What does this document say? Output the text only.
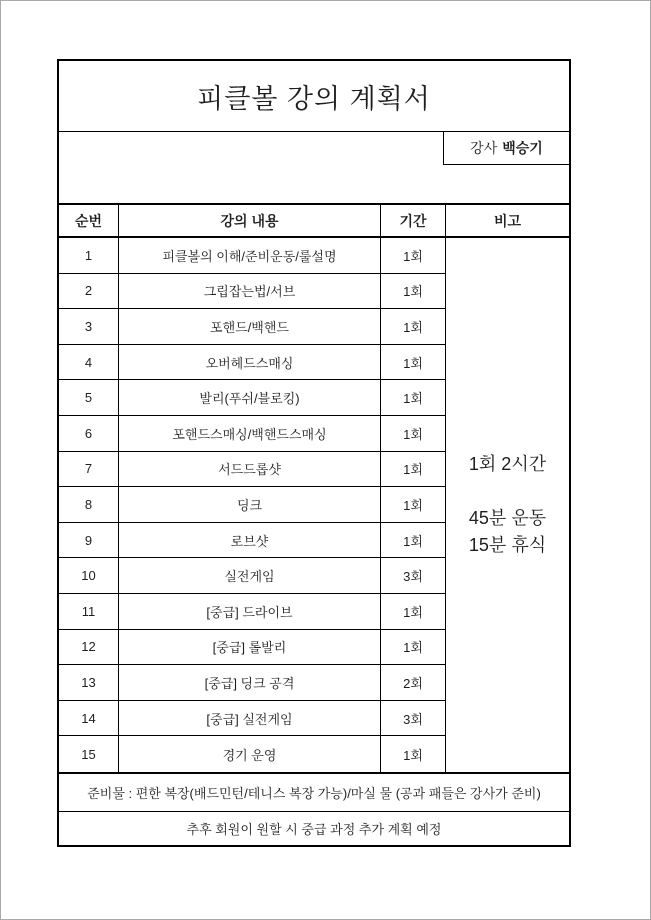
피클볼 강의 계획서
강사 백승기
순번	강의 내용	기간	비고
1회 2시간

45분 운동
15분 휴식
1	피클볼의 이해/준비운동/룰설명	1회
2	그립잡는법/서브	1회
3	포핸드/백핸드	1회
4	오버헤드스매싱	1회
5	발리(푸쉬/블로킹)	1회
6	포핸드스매싱/백핸드스매싱	1회
7	서드드롭샷	1회
8	딩크	1회
9	로브샷	1회
10	실전게임	3회
11	[중급] 드라이브	1회
12	[중급] 롤발리	1회
13	[중급] 딩크 공격	2회
14	[중급] 실전게임	3회
15	경기 운영	1회
준비물 : 편한 복장(배드민턴/테니스 복장 가능)/마실 물 (공과 패들은 강사가 준비)
추후 회원이 원할 시 중급 과정 추가 계획 예정
